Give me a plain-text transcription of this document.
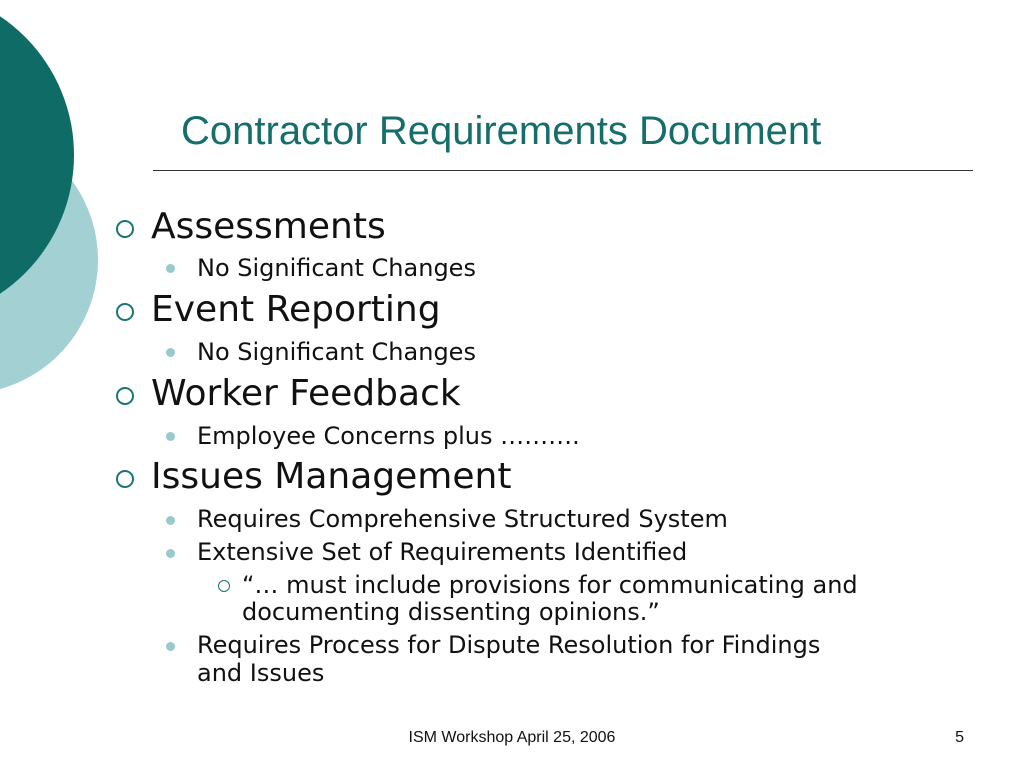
Contractor Requirements Document
Assessments
No Significant Changes
Event Reporting
No Significant Changes
Worker Feedback
Employee Concerns plus ……….
Issues Management
Requires Comprehensive Structured System
Extensive Set of Requirements Identified
“… must include provisions for communicating and
documenting dissenting opinions.”
Requires Process for Dispute Resolution for Findings
and Issues
ISM Workshop April 25, 2006	5
